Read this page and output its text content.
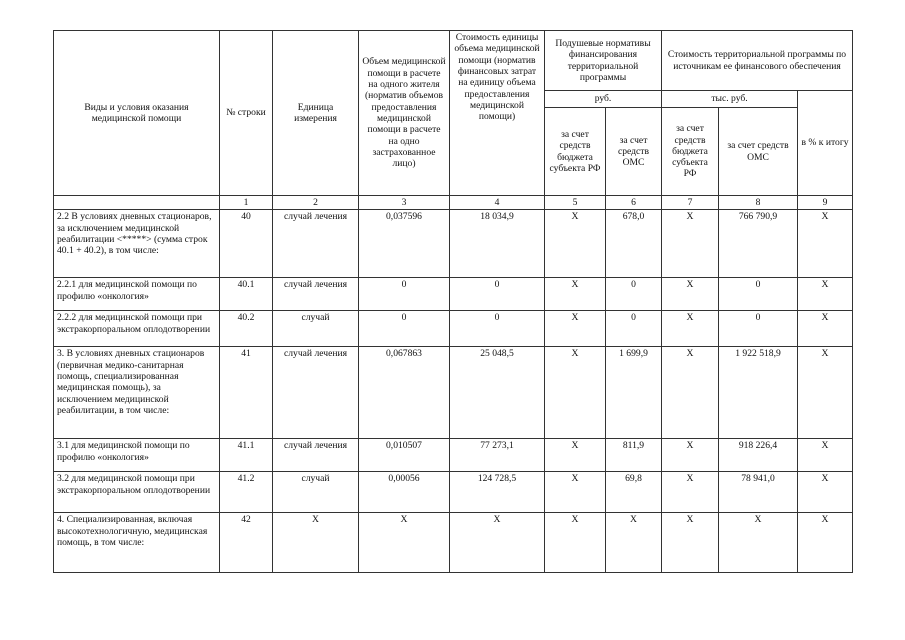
Виды и условия оказания медицинской помощи	№ строки	Единица измерения	Объем медицинской помощи в расчете на одного жителя (норматив объемов предоставления медицинской помощи в расчете на одно застрахованное лицо)	Стоимость единицы объема медицинской помощи (норматив финансовых затрат на единицу объема предоставления медицинской помощи)	Подушевые нормативы финансирования территориальной программы		Стоимость территориальной программы по источникам ее финансового обеспечения		
					руб.		тыс. руб.		в % к итогу
					за счет средств бюджета субъекта РФ	за счет средств ОМС	за счет средств бюджета субъекта РФ	за счет средств ОМС	
	1	2	3	4	5	6	7	8	9
2.2 В условиях дневных стационаров, за исключением медицинской реабилитации <*****> (сумма строк 40.1 + 40.2), в том числе:	40	случай лечения	0,037596	18 034,9	X	678,0	X	766 790,9	X
2.2.1 для медицинской помощи по профилю «онкология»	40.1	случай лечения	0	0	X	0	X	0	X
2.2.2 для медицинской помощи при экстракорпоральном оплодотворении	40.2	случай	0	0	X	0	X	0	X
3. В условиях дневных стационаров (первичная медико-санитарная помощь, специализированная медицинская помощь), за исключением медицинской реабилитации, в том числе:	41	случай лечения	0,067863	25 048,5	X	1 699,9	X	1 922 518,9	X
3.1 для медицинской помощи по профилю «онкология»	41.1	случай лечения	0,010507	77 273,1	X	811,9	X	918 226,4	X
3.2 для медицинской помощи при экстракорпоральном оплодотворении	41.2	случай	0,00056	124 728,5	X	69,8	X	78 941,0	X
4. Специализированная, включая высокотехнологичную, медицинская помощь, в том числе:	42	X	X	X	X	X	X	X	X
